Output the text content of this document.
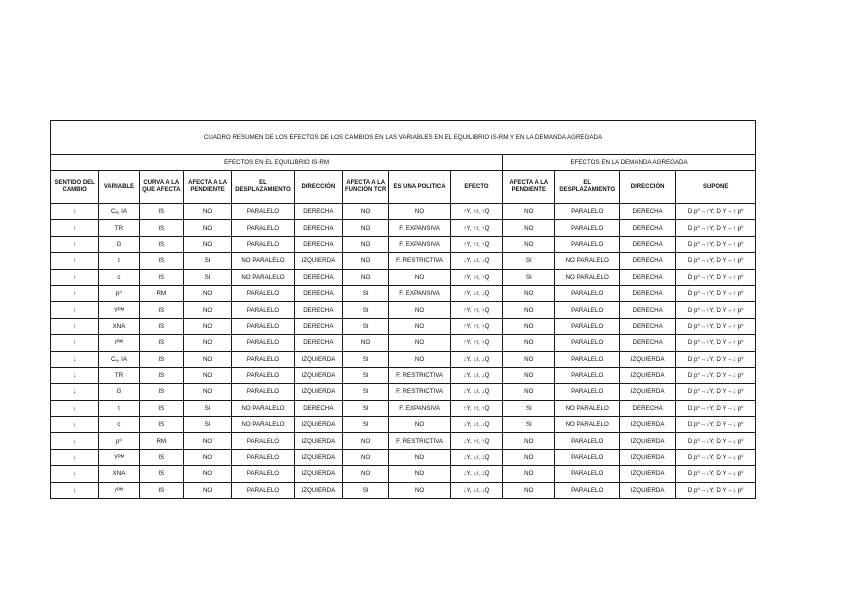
CUADRO RESUMEN DE LOS EFECTOS DE LOS CAMBIOS EN LAS VARIABLES EN EL EQUILIBRIO IS-RM Y EN LA DEMANDA AGREGADA												
EFECTOS EN EL EQUILIBRIO IS-RM									EFECTOS EN LA DEMANDA AGREGADA			
SENTIDO DEL CAMBIO	VARIABLE	CURVA A LA QUE AFECTA	AFECTA A LA PENDIENTE	EL DESPLAZAMIENTO	DIRECCIÓN	AFECTA A LA FUNCIÓN TCR	ES UNA POLITICA	EFECTO	AFECTA A LA PENDIENTE	EL DESPLAZAMIENTO	DIRECCIÓN	SUPONE
↑	Cₐ, IA	IS	NO	PARALELO	DERECHA	NO	NO	↑Y, ↑r, ↑Q	NO	PARALELO	DERECHA	D p⁰→↑Y; D Y→↑ p⁰
↑	TR	IS	NO	PARALELO	DERECHA	NO	F. EXPANSIVA	↑Y, ↑r, ↑Q	NO	PARALELO	DERECHA	D p⁰→↑Y; D Y→↑ p⁰
↑	G	IS	NO	PARALELO	DERECHA	NO	F. EXPANSIVA	↑Y, ↑r, ↑Q	NO	PARALELO	DERECHA	D p⁰→↑Y; D Y→↑ p⁰
↑	t	IS	SI	NO PARALELO	IZQUIERDA	NO	F. RESTRICTIVA	↓Y, ↓r, ↓Q	SI	NO PARALELO	DERECHA	D p⁰→↓Y; D Y→↑ p⁰
↑	c	IS	SI	NO PARALELO	DERECHA	NO	NO	↑Y, ↑r, ↑Q	SI	NO PARALELO	DERECHA	D p⁰→↑Y; D Y→↑ p⁰
↑	p⁰	RM	NO	PARALELO	DERECHA	SI	F. EXPANSIVA	↑Y, ↓r, ↓Q	NO	PARALELO	DERECHA	D p⁰→↑Y; D Y→↑ p⁰
↑	Yᴿᴹ	IS	NO	PARALELO	DERECHA	SI	NO	↑Y, ↑r, ↑Q	NO	PARALELO	DERECHA	D p⁰→↑Y; D Y→↑ p⁰
↑	XNA	IS	NO	PARALELO	DERECHA	SI	NO	↑Y, ↑r, ↑Q	NO	PARALELO	DERECHA	D p⁰→↑Y; D Y→↑ p⁰
↑	rᴿᴹ	IS	NO	PARALELO	DERECHA	NO	NO	↑Y, ↑r, ↑Q	NO	PARALELO	DERECHA	D p⁰→↑Y; D Y→↑ p⁰
↓	Cₐ, IA	IS	NO	PARALELO	IZQUIERDA	SI	NO	↓Y, ↓r, ↓Q	NO	PARALELO	IZQUIERDA	D p⁰→↓Y; D Y→↓ p⁰
↓	TR	IS	NO	PARALELO	IZQUIERDA	SI	F. RESTRICTIVA	↓Y, ↓r, ↓Q	NO	PARALELO	IZQUIERDA	D p⁰→↓Y; D Y→↓ p⁰
↓	G	IS	NO	PARALELO	IZQUIERDA	SI	F. RESTRICTIVA	↓Y, ↓r, ↓Q	NO	PARALELO	IZQUIERDA	D p⁰→↓Y; D Y→↓ p⁰
↓	t	IS	SI	NO PARALELO	DERECHA	SI	F. EXPANSIVA	↑Y, ↑r, ↑Q	SI	NO PARALELO	DERECHA	D p⁰→↑Y; D Y→↓ p⁰
↓	c	IS	SI	NO PARALELO	IZQUIERDA	SI	NO	↓Y, ↓r, ↓Q	SI	NO PARALELO	IZQUIERDA	D p⁰→↓Y; D Y→↓ p⁰
↓	p⁰	RM	NO	PARALELO	IZQUIERDA	NO	F. RESTRICTIVA	↓Y, ↑r, ↑Q	NO	PARALELO	IZQUIERDA	D p⁰→↓Y; D Y→↓ p⁰
↓	Yᴿᴹ	IS	NO	PARALELO	IZQUIERDA	NO	NO	↓Y, ↓r, ↓Q	NO	PARALELO	IZQUIERDA	D p⁰→↓Y; D Y→↓ p⁰
↓	XNA	IS	NO	PARALELO	IZQUIERDA	NO	NO	↓Y, ↓r, ↓Q	NO	PARALELO	IZQUIERDA	D p⁰→↓Y; D Y→↓ p⁰
↓	rᴿᴹ	IS	NO	PARALELO	IZQUIERDA	SI	NO	↓Y, ↓r, ↓Q	NO	PARALELO	IZQUIERDA	D p⁰→↓Y; D Y→↓ p⁰
